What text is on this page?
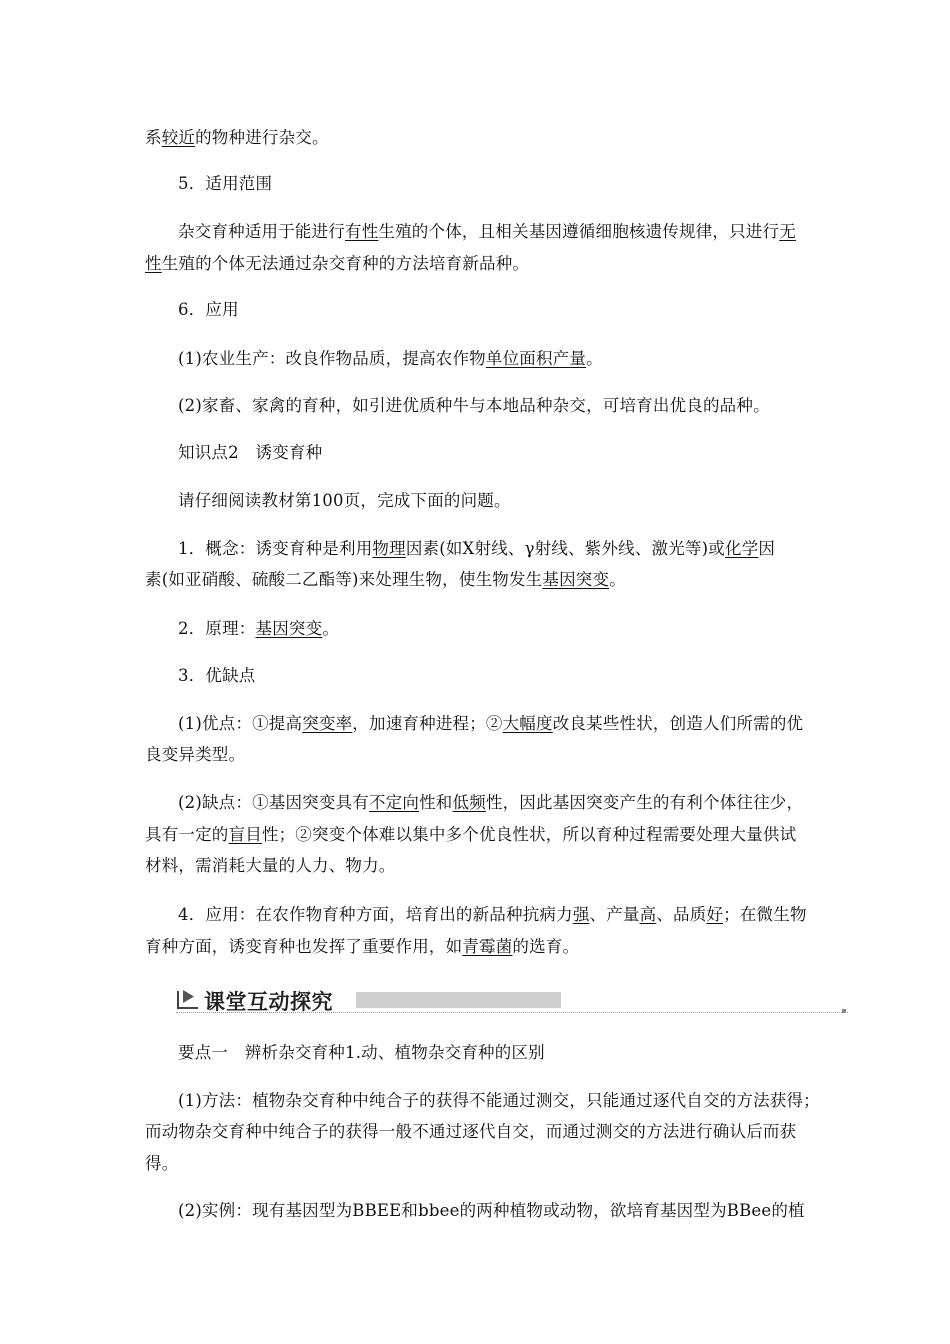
系较近的物种进行杂交。
5．适用范围
杂交育种适用于能进行有性生殖的个体，且相关基因遵循细胞核遗传规律，只进行无
性生殖的个体无法通过杂交育种的方法培育新品种。
6．应用
(1)农业生产：改良作物品质，提高农作物单位面积产量。
(2)家畜、家禽的育种，如引进优质种牛与本地品种杂交，可培育出优良的品种。
知识点2　诱变育种
请仔细阅读教材第100页，完成下面的问题。
1．概念：诱变育种是利用物理因素(如X射线、γ射线、紫外线、激光等)或化学因
素(如亚硝酸、硫酸二乙酯等)来处理生物，使生物发生基因突变。
2．原理：基因突变。
3．优缺点
(1)优点：①提高突变率，加速育种进程；②大幅度改良某些性状，创造人们所需的优
良变异类型。
(2)缺点：①基因突变具有不定向性和低频性，因此基因突变产生的有利个体往往少，
具有一定的盲目性；②突变个体难以集中多个优良性状，所以育种过程需要处理大量供试
材料，需消耗大量的人力、物力。
4．应用：在农作物育种方面，培育出的新品种抗病力强、产量高、品质好；在微生物
育种方面，诱变育种也发挥了重要作用，如青霉菌的选育。
课堂互动探究
要点一　辨析杂交育种1.动、植物杂交育种的区别
(1)方法：植物杂交育种中纯合子的获得不能通过测交，只能通过逐代自交的方法获得；
而动物杂交育种中纯合子的获得一般不通过逐代自交，而通过测交的方法进行确认后而获
得。
(2)实例：现有基因型为BBEE和bbee的两种植物或动物，欲培育基因型为BBee的植
